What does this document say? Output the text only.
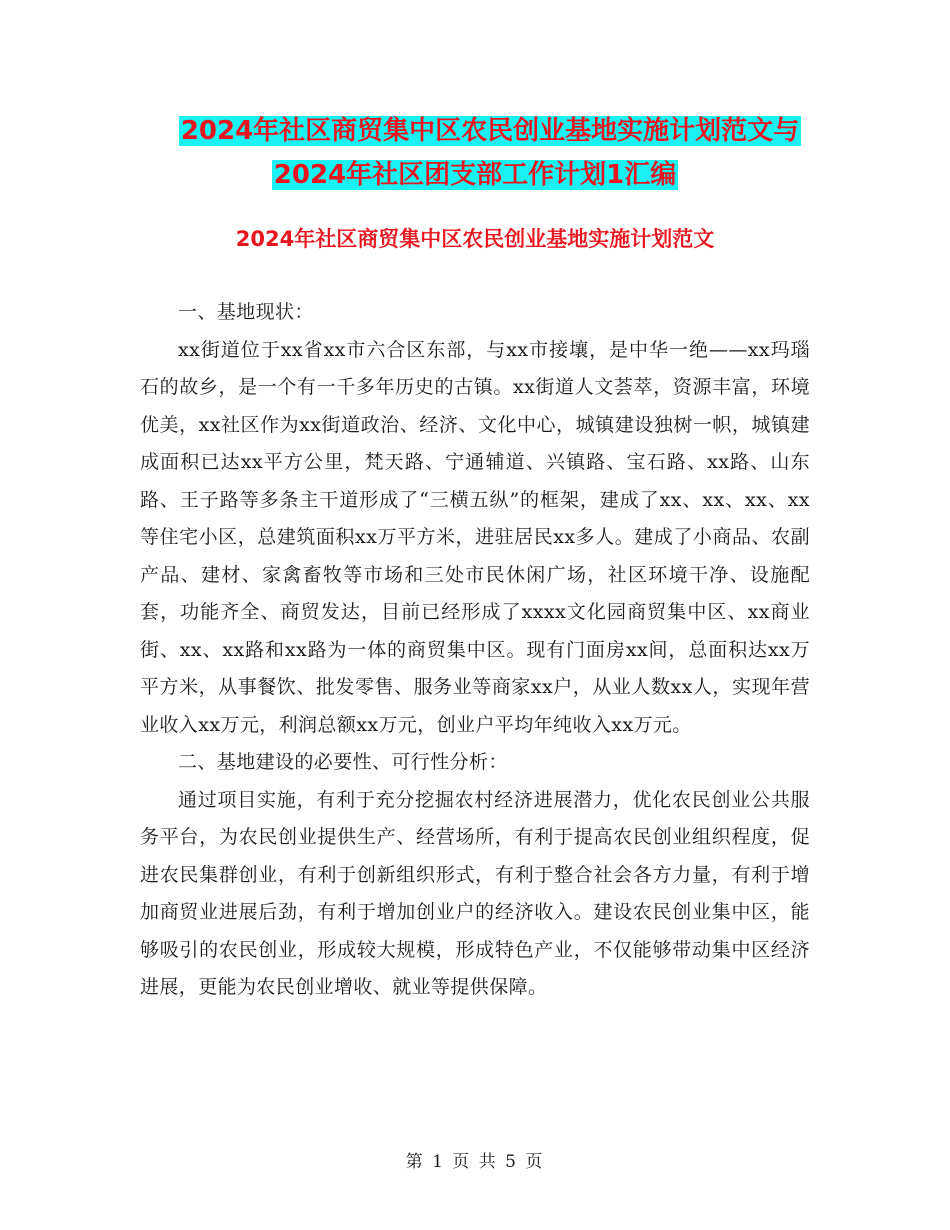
2024年社区商贸集中区农民创业基地实施计划范文与
2024年社区团支部工作计划1汇编
2024年社区商贸集中区农民创业基地实施计划范文

一、基地现状：

xx街道位于xx省xx市六合区东部，与xx市接壤，是中华一绝——xx玛瑙石的故乡，是一个有一千多年历史的古镇。xx街道人文荟萃，资源丰富，环境优美，xx社区作为xx街道政治、经济、文化中心，城镇建设独树一帜，城镇建成面积已达xx平方公里，梵天路、宁通辅道、兴镇路、宝石路、xx路、山东路、王子路等多条主干道形成了“三横五纵”的框架，建成了xx、xx、xx、xx等住宅小区，总建筑面积xx万平方米，进驻居民xx多人。建成了小商品、农副产品、建材、家禽畜牧等市场和三处市民休闲广场，社区环境干净、设施配套，功能齐全、商贸发达，目前已经形成了xxxx文化园商贸集中区、xx商业街、xx、xx路和xx路为一体的商贸集中区。现有门面房xx间，总面积达xx万平方米，从事餐饮、批发零售、服务业等商家xx户，从业人数xx人，实现年营业收入xx万元，利润总额xx万元，创业户平均年纯收入xx万元。

二、基地建设的必要性、可行性分析：

通过项目实施，有利于充分挖掘农村经济进展潜力，优化农民创业公共服务平台，为农民创业提供生产、经营场所，有利于提高农民创业组织程度，促进农民集群创业，有利于创新组织形式，有利于整合社会各方力量，有利于增加商贸业进展后劲，有利于增加创业户的经济收入。建设农民创业集中区，能够吸引的农民创业，形成较大规模，形成特色产业，不仅能够带动集中区经济进展，更能为农民创业增收、就业等提供保障。

第 1 页 共 5 页
